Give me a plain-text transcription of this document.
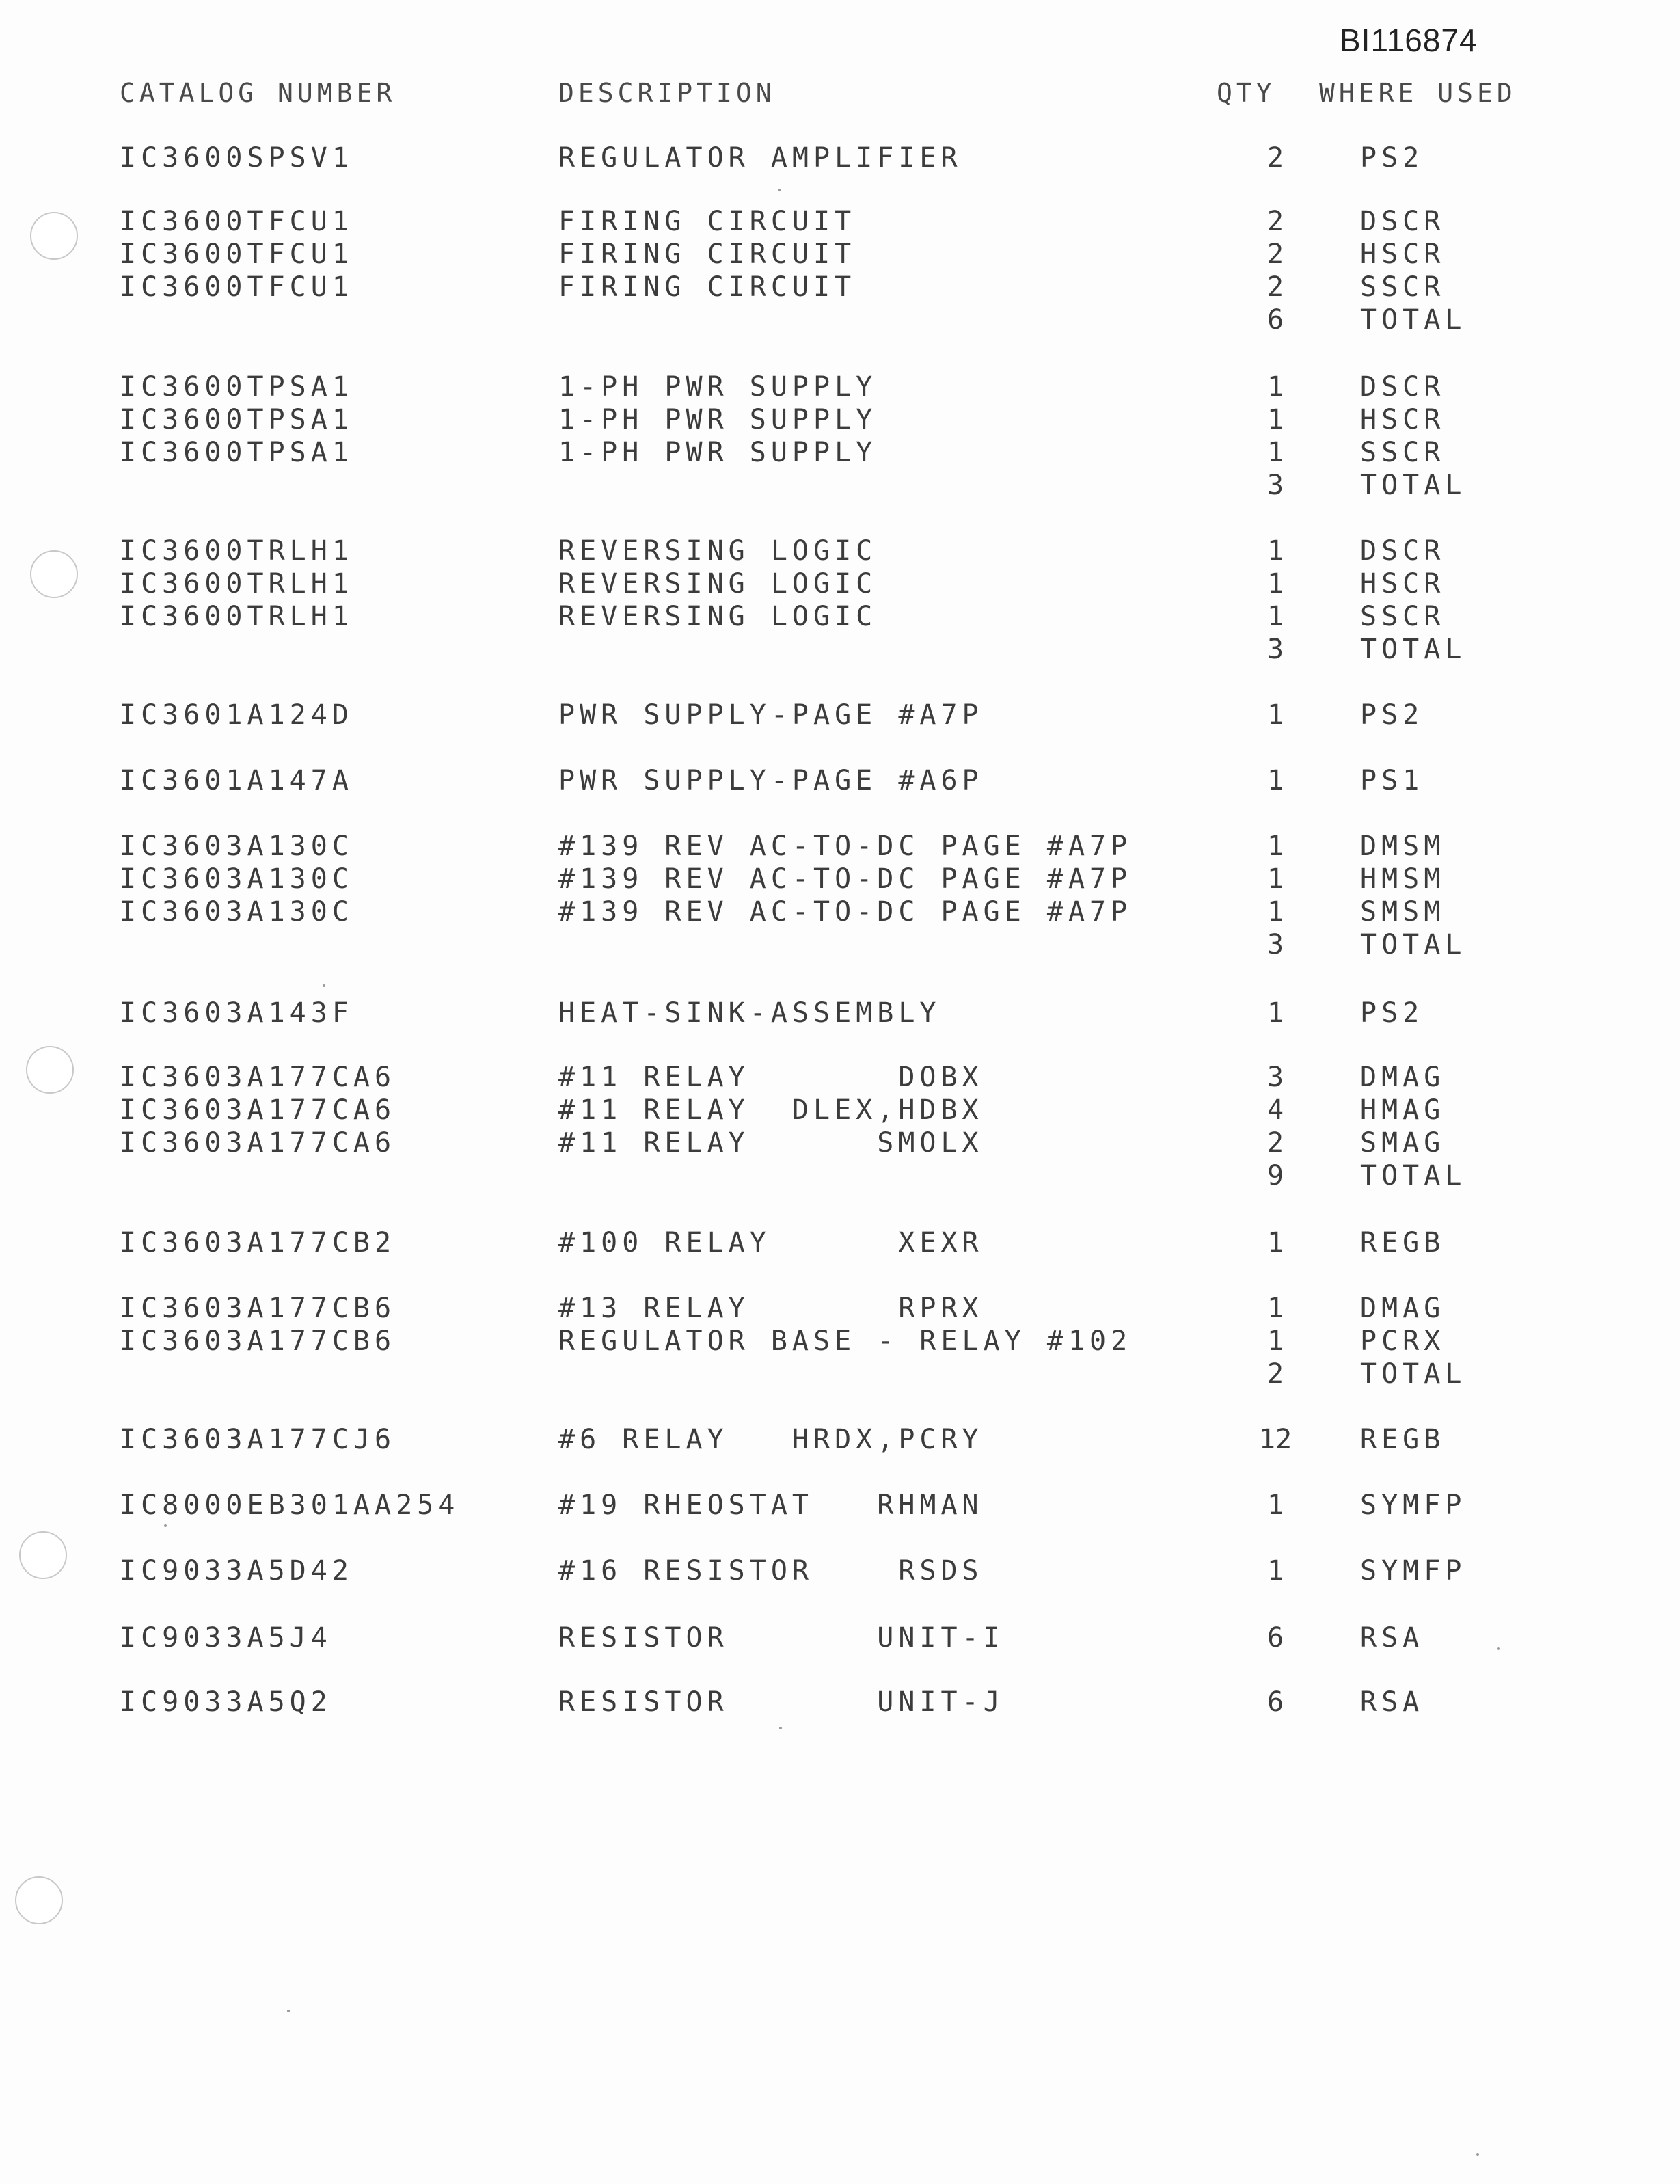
BI116874
CATALOG NUMBER	DESCRIPTION	QTY WHERE USED
IC3600SPSV1	REGULATOR AMPLIFIER	2	PS2
IC3600TFCU1	FIRING CIRCUIT	2	DSCR
IC3600TFCU1	FIRING CIRCUIT	2	HSCR
IC3600TFCU1	FIRING CIRCUIT	2	SSCR
6	TOTAL
IC3600TPSA1	1-PH PWR SUPPLY	1	DSCR
IC3600TPSA1	1-PH PWR SUPPLY	1	HSCR
IC3600TPSA1	1-PH PWR SUPPLY	1	SSCR
3	TOTAL
IC3600TRLH1	REVERSING LOGIC	1	DSCR
IC3600TRLH1	REVERSING LOGIC	1	HSCR
IC3600TRLH1	REVERSING LOGIC	1	SSCR
3	TOTAL
IC3601A124D	PWR SUPPLY-PAGE #A7P	1	PS2
IC3601A147A	PWR SUPPLY-PAGE #A6P	1	PS1
IC3603A130C	#139 REV AC-TO-DC PAGE #A7P	1	DMSM
IC3603A130C	#139 REV AC-TO-DC PAGE #A7P	1	HMSM
IC3603A130C	#139 REV AC-TO-DC PAGE #A7P	1	SMSM
3	TOTAL
IC3603A143F	HEAT-SINK-ASSEMBLY	1	PS2
IC3603A177CA6	#11 RELAY       DOBX	3	DMAG
IC3603A177CA6	#11 RELAY  DLEX,HDBX	4	HMAG
IC3603A177CA6	#11 RELAY      SMOLX	2	SMAG
9	TOTAL
IC3603A177CB2	#100 RELAY      XEXR	1	REGB
IC3603A177CB6	#13 RELAY       RPRX	1	DMAG
IC3603A177CB6	REGULATOR BASE - RELAY #102	1	PCRX
2	TOTAL
IC3603A177CJ6	#6 RELAY   HRDX,PCRY	12 REGB
IC8000EB301AA254	#19 RHEOSTAT   RHMAN	1	SYMFP
IC9033A5D42	#16 RESISTOR    RSDS	1	SYMFP
IC9033A5J4	RESISTOR       UNIT-I	6	RSA
IC9033A5Q2	RESISTOR       UNIT-J	6	RSA
